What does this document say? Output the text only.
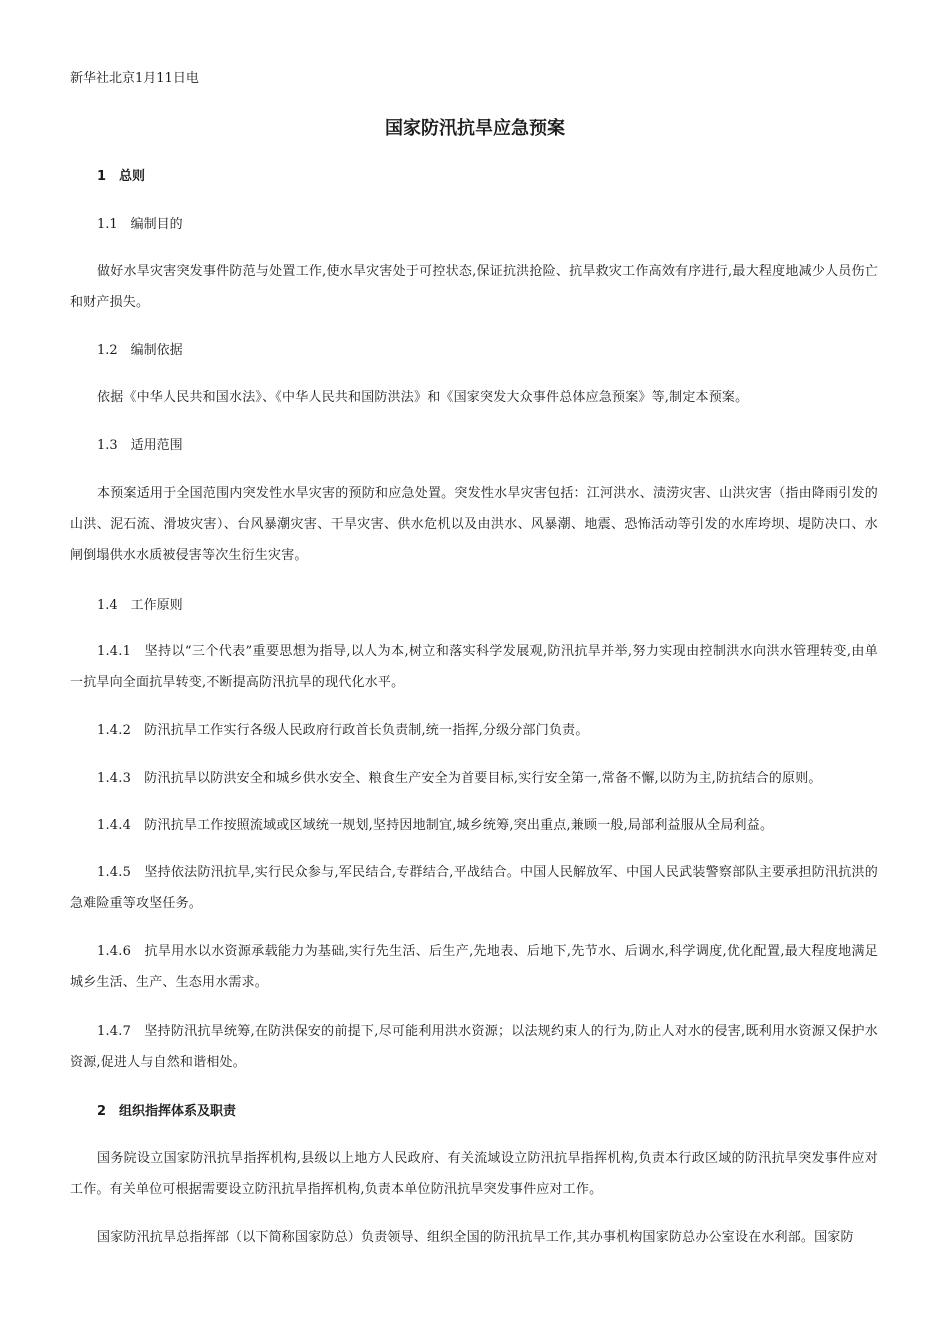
新华社北京1月11日电
国家防汛抗旱应急预案
1　总则
1.1　编制目的
做好水旱灾害突发事件防范与处置工作,使水旱灾害处于可控状态,保证抗洪抢险、抗旱救灾工作高效有序进行,最大程度地减少人员伤亡和财产损失。
1.2　编制依据
依据《中华人民共和国水法》、《中华人民共和国防洪法》和《国家突发大众事件总体应急预案》等,制定本预案。
1.3　适用范围
本预案适用于全国范围内突发性水旱灾害的预防和应急处置。突发性水旱灾害包括：江河洪水、渍涝灾害、山洪灾害（指由降雨引发的山洪、泥石流、滑坡灾害）、台风暴潮灾害、干旱灾害、供水危机以及由洪水、风暴潮、地震、恐怖活动等引发的水库垮坝、堤防决口、水闸倒塌供水水质被侵害等次生衍生灾害。
1.4　工作原则
1.4.1　坚持以“三个代表”重要思想为指导,以人为本,树立和落实科学发展观,防汛抗旱并举,努力实现由控制洪水向洪水管理转变,由单一抗旱向全面抗旱转变,不断提高防汛抗旱的现代化水平。
1.4.2　防汛抗旱工作实行各级人民政府行政首长负责制,统一指挥,分级分部门负责。
1.4.3　防汛抗旱以防洪安全和城乡供水安全、粮食生产安全为首要目标,实行安全第一,常备不懈,以防为主,防抗结合的原则。
1.4.4　防汛抗旱工作按照流域或区域统一规划,坚持因地制宜,城乡统筹,突出重点,兼顾一般,局部利益服从全局利益。
1.4.5　坚持依法防汛抗旱,实行民众参与,军民结合,专群结合,平战结合。中国人民解放军、中国人民武装警察部队主要承担防汛抗洪的急难险重等攻坚任务。
1.4.6　抗旱用水以水资源承载能力为基础,实行先生活、后生产,先地表、后地下,先节水、后调水,科学调度,优化配置,最大程度地满足城乡生活、生产、生态用水需求。
1.4.7　坚持防汛抗旱统筹,在防洪保安的前提下,尽可能利用洪水资源；以法规约束人的行为,防止人对水的侵害,既利用水资源又保护水资源,促进人与自然和谐相处。
2　组织指挥体系及职责
国务院设立国家防汛抗旱指挥机构,县级以上地方人民政府、有关流域设立防汛抗旱指挥机构,负责本行政区域的防汛抗旱突发事件应对工作。有关单位可根据需要设立防汛抗旱指挥机构,负责本单位防汛抗旱突发事件应对工作。
国家防汛抗旱总指挥部（以下简称国家防总）负责领导、组织全国的防汛抗旱工作,其办事机构国家防总办公室设在水利部。国家防
